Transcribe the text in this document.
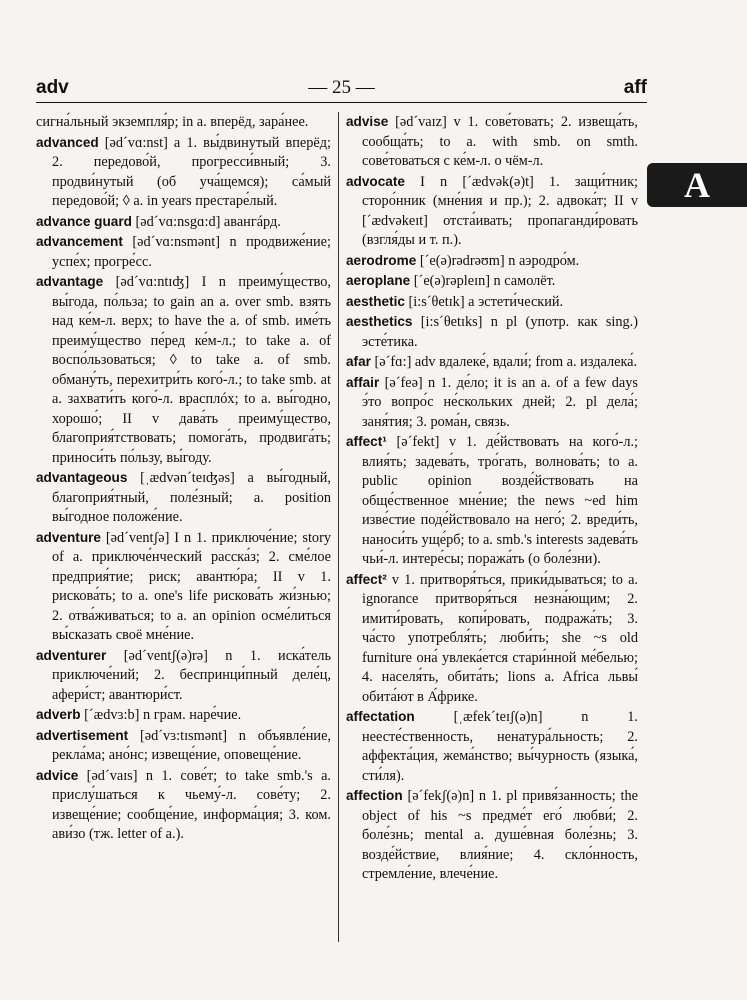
adv	— 25 —	aff
A

сигна́льный экземпля́р; in a. вперёд, зара́нее.

advanced [əd´vɑ:nst] a 1. вы́двинутый вперёд; 2. передово́й, прогресси́вный; 3. продви́нутый (об уча́щемся); са́мый передово́й; ◊ a. in years престаре́лый.

advance guard [əd´vɑ:nsgɑ:d] авангáрд.

advancement [əd´vɑ:nsmənt] n продвиже́ние; успе́х; прогре́сс.

advantage [əd´vɑ:ntɪʤ] I n преиму́щество, вы́года, по́льза; to gain an a. over smb. взять над ке́м-л. верх; to have the a. of smb. име́ть преиму́щество пе́ред ке́м-л.; to take a. of воспо́льзоваться; ◊ to take a. of smb. обману́ть, перехитри́ть кого́-л.; to take smb. at a. захвати́ть кого́-л. врасплóх; to a. вы́годно, хорошо́; II v дава́ть преиму́щество, благоприя́тствовать; помога́ть, продвига́ть; приноси́ть по́льзу, вы́году.

advantageous [ˌædvən´teɪʤəs] a вы́годный, благоприя́тный, поле́зный; a. position вы́годное положе́ние.

adventure [əd´ventʃə] I n 1. приключе́ние; story of a. приключе́нческий расска́з; 2. сме́лое предприя́тие; риск; авантю́ра; II v 1. рискова́ть; to a. one's life рискова́ть жи́знью; 2. отва́живаться; to a. an opinion осме́литься вы́сказать своё мне́ние.

adventurer [əd´ventʃ(ə)rə] n 1. иска́тель приключе́ний; 2. беспринци́пный деле́ц, афери́ст; авантюри́ст.

adverb [´ædvɜ:b] n грам. наре́чие.

advertisement [əd´vɜ:tɪsmənt] n объявле́ние, рекла́ма; ано́нс; извеще́ние, оповеще́ние.

advice [əd´vaɪs] n 1. сове́т; to take smb.'s a. прислу́шаться к чьему́-л. сове́ту; 2. извеще́ние; сообще́ние, информа́ция; 3. ком. ави́зо (тж. letter of a.).

advise [əd´vaɪz] v 1. сове́товать; 2. извеща́ть, сообща́ть; to a. with smb. on smth. сове́товаться с ке́м-л. о чём-л.

advocate I n [´ædvək(ə)t] 1. защи́тник; сторо́нник (мне́ния и пр.); 2. адвока́т; II v [´ædvəkeɪt] отста́ивать; пропаганди́ровать (взгля́ды и т. п.).

aerodrome [´e(ə)rədrəʊm] n аэродро́м.

aeroplane [´e(ə)rəpleɪn] n самолёт.

aesthetic [i:s´θetɪk] a эстети́ческий.

aesthetics [i:s´θetɪks] n pl (употр. как sing.) эсте́тика.

afar [ə´fɑ:] adv вдалеке́, вдали́; from a. издалека́.

affair [ə´feə] n 1. де́ло; it is an a. of a few days э́то вопро́с не́скольких дней; 2. pl дела́; заня́тия; 3. рома́н, связь.

affect¹ [ə´fekt] v 1. де́йствовать на кого́-л.; влия́ть; задева́ть, тро́гать, волнова́ть; to a. public opinion возде́йствовать на обще́ственное мне́ние; the news ~ed him изве́стие поде́йствовало на него́; 2. вреди́ть, наноси́ть уще́рб; to a. smb.'s interests задева́ть чьи́-л. интере́сы; поража́ть (о боле́зни).

affect² v 1. притворя́ться, прики́дываться; to a. ignorance притворя́ться незна́ющим; 2. имити́ровать, копи́ровать, подража́ть; 3. ча́сто употребля́ть; люби́ть; she ~s old furniture она́ увлека́ется стари́нной ме́белью; 4. населя́ть, обита́ть; lions a. Africa львы́ обита́ют в А́фрике.

affectation [ˌæfek´teɪʃ(ə)n] n 1. неесте́ственность, ненатура́льность; 2. аффекта́ция, жема́нство; вы́чурность (языка́, сти́ля).

affection [ə´fekʃ(ə)n] n 1. pl привя́занность; the object of his ~s предме́т его́ любви́; 2. боле́знь; mental a. душе́вная боле́знь; 3. возде́йствие, влия́ние; 4. скло́нность, стремле́ние, влече́ние.
